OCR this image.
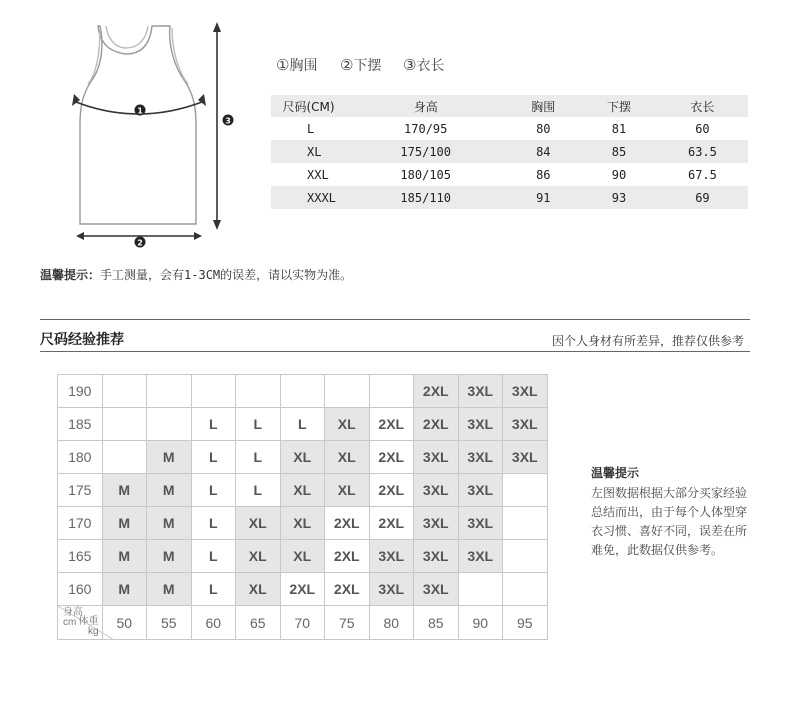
1
2
3
①胸围 ②下摆 ③衣长
尺码(CM)	身高	胸围	下摆	衣长
L	170/95	80	81	60
XL	175/100	84	85	63.5
XXL	180/105	86	90	67.5
XXXL	185/110	91	93	69
温馨提示：手工测量，会有1-3CM的误差，请以实物为准。
尺码经验推荐	因个人身材有所差异，推荐仅供参考
190								2XL	3XL	3XL
185			L	L	L	XL	2XL	2XL	3XL	3XL
180		M	L	L	XL	XL	2XL	3XL	3XL	3XL
175	M	M	L	L	XL	XL	2XL	3XL	3XL	
170	M	M	L	XL	XL	2XL	2XL	3XL	3XL	
165	M	M	L	XL	XL	2XL	3XL	3XL	3XL	
160	M	M	L	XL	2XL	2XL	3XL	3XL		

身高
cm 体重
kg	50	55	60	65	70	75	80	85	90	95
温馨提示
左图数据根据大部分买家经验
总结而出，由于每个人体型穿
衣习惯、喜好不同，误差在所
难免，此数据仅供参考。
